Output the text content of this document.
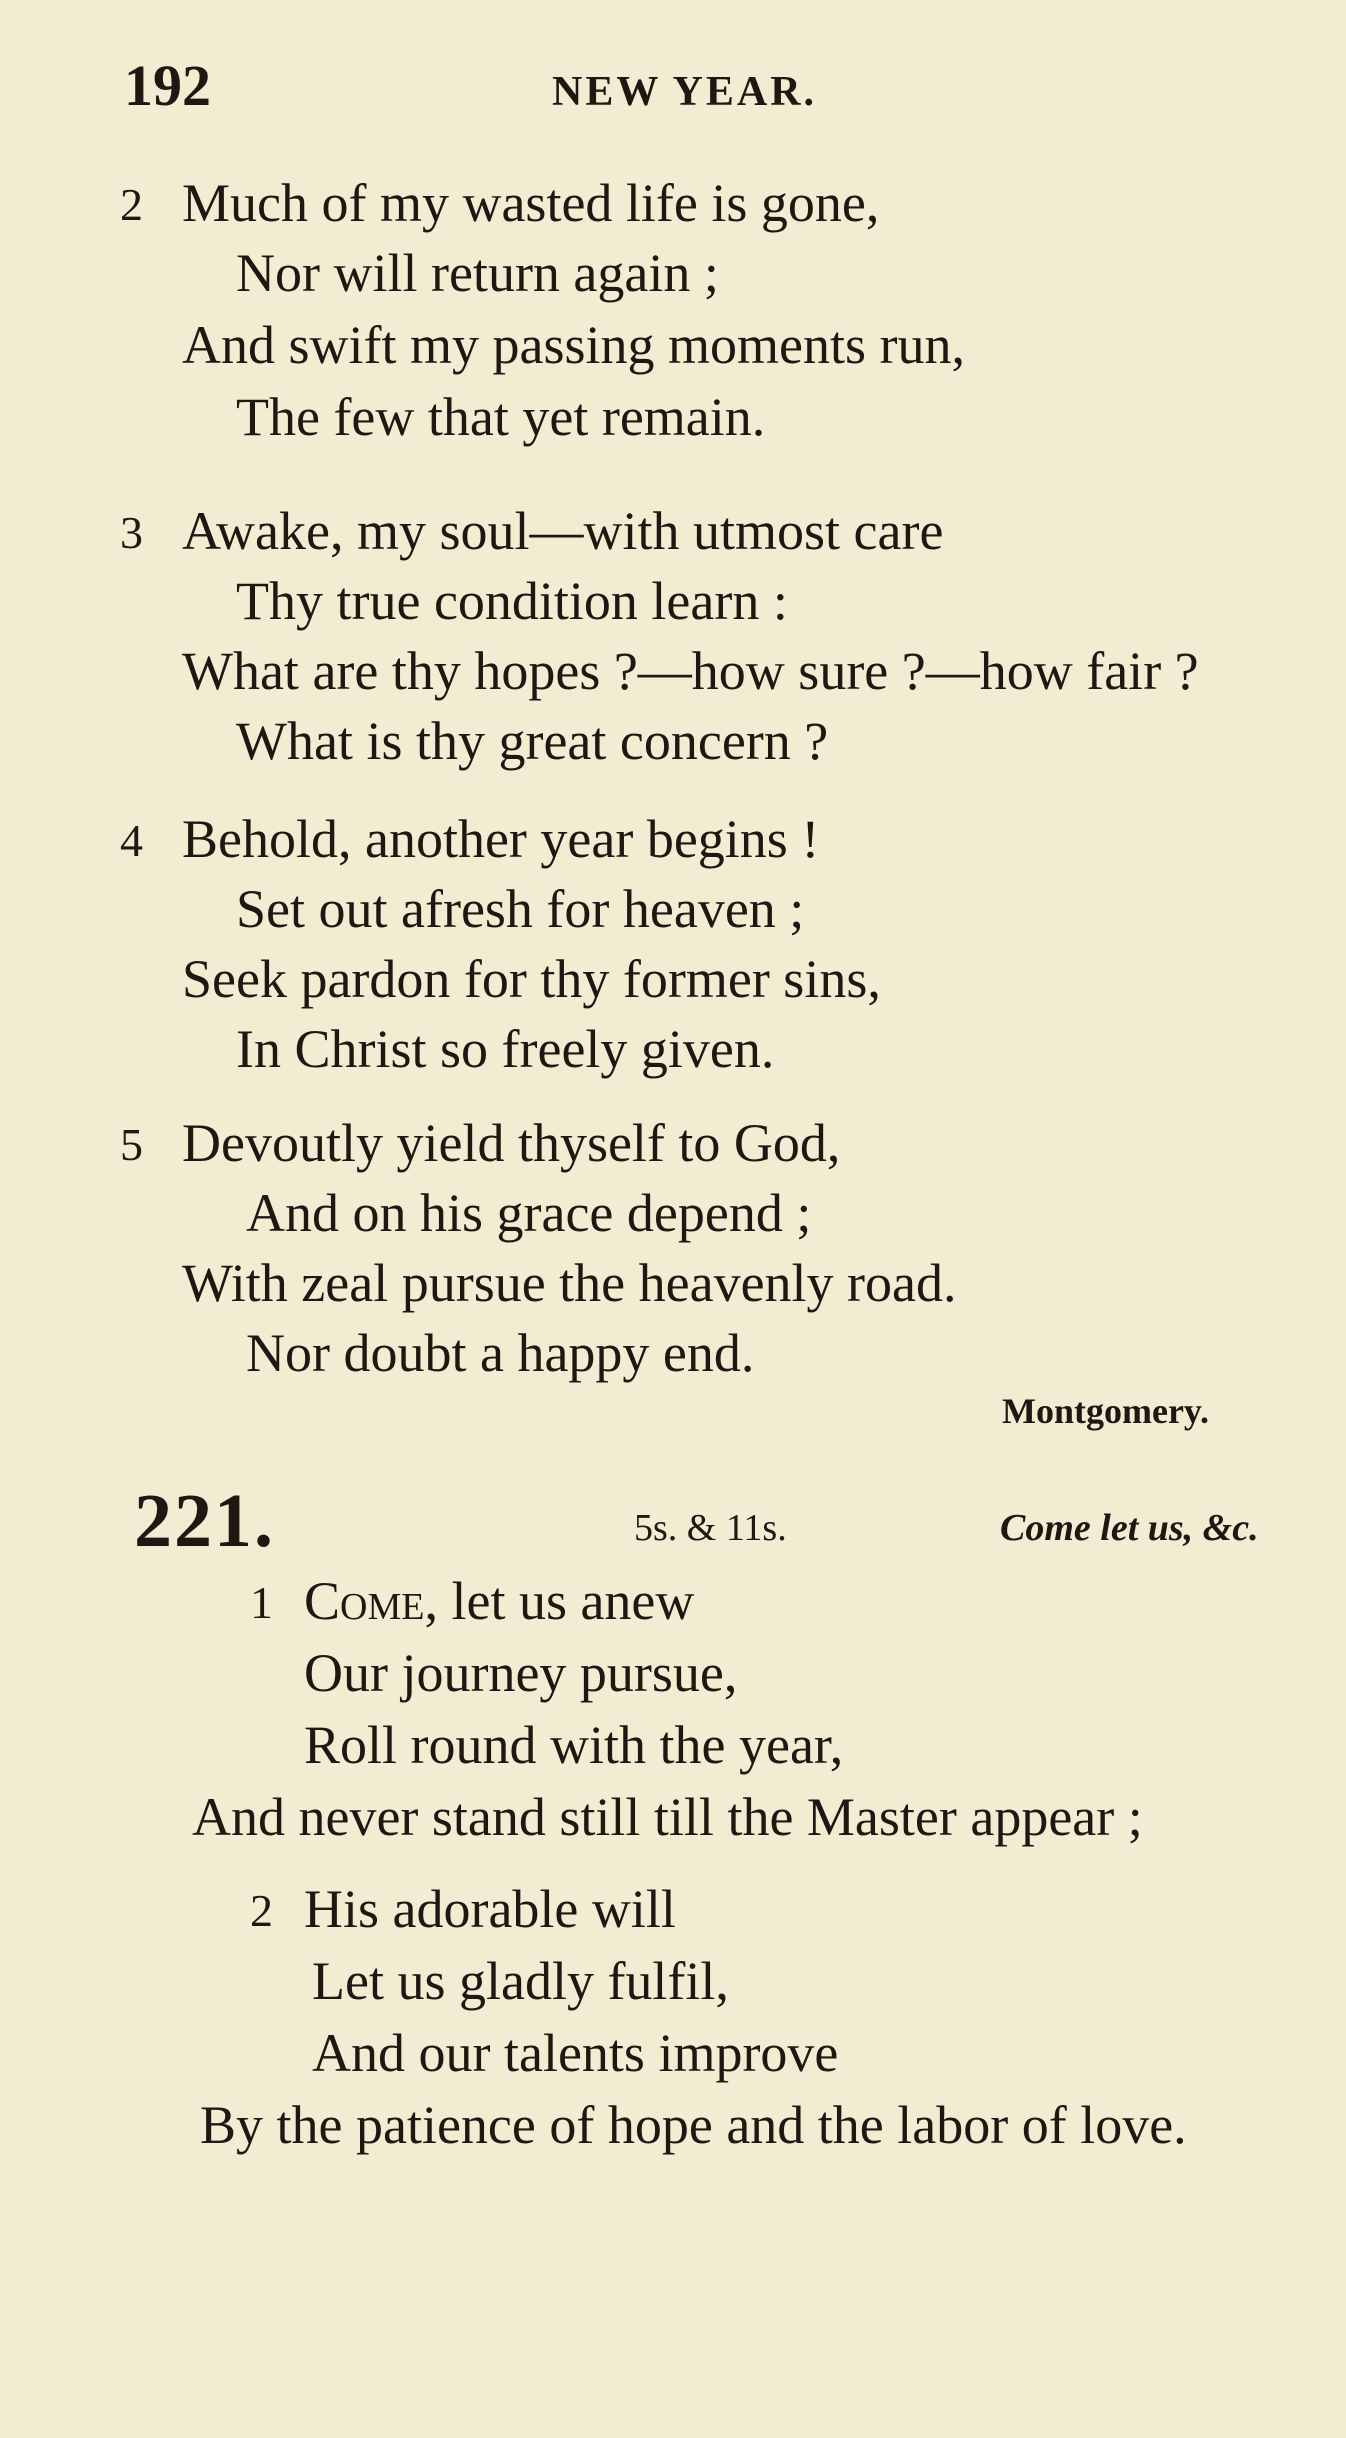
192	NEW YEAR.
2 Much of my wasted life is gone,
Nor will return again ;
And swift my passing moments run,
The few that yet remain.
3 Awake, my soul—with utmost care
Thy true condition learn :
What are thy hopes ?—how sure ?—how fair ?
What is thy great concern ?
4 Behold, another year begins !
Set out afresh for heaven ;
Seek pardon for thy former sins,
In Christ so freely given.
5 Devoutly yield thyself to God,
And on his grace depend ;
With zeal pursue the heavenly road.
Nor doubt a happy end.
Montgomery.
221.	5s. & 11s.	Come let us, &c.
1 Come, let us anew
Our journey pursue,
Roll round with the year,
And never stand still till the Master appear ;
2 His adorable will
Let us gladly fulfil,
And our talents improve
By the patience of hope and the labor of love.
